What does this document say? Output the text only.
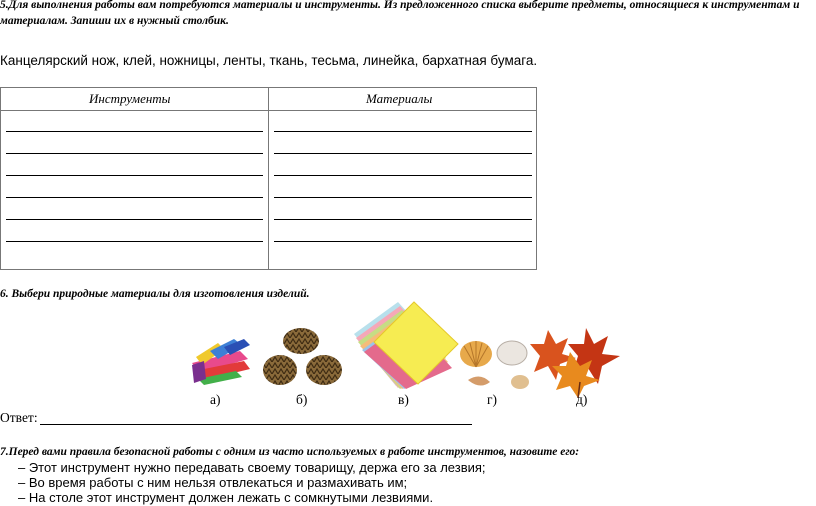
5.Для выполнения работы вам потребуются материалы и инструменты. Из предложенного списка выберите предметы, относящиеся к инструментам и материалам. Запиши их в нужный столбик.
Канцелярский нож, клей, ножницы, ленты, ткань, тесьма, линейка, бархатная бумага.
Инструменты	Материалы
6. Выбери природные материалы для изготовления изделий.
а)	б)	в)	г)	д)
Ответ:
7.Перед вами правила безопасной работы с одним из часто используемых в работе инструментов, назовите его:
– Этот инструмент нужно передавать своему товарищу, держа его за лезвия;
– Во время работы с ним нельзя отвлекаться и размахивать им;
– На столе этот инструмент должен лежать с сомкнутыми лезвиями.
